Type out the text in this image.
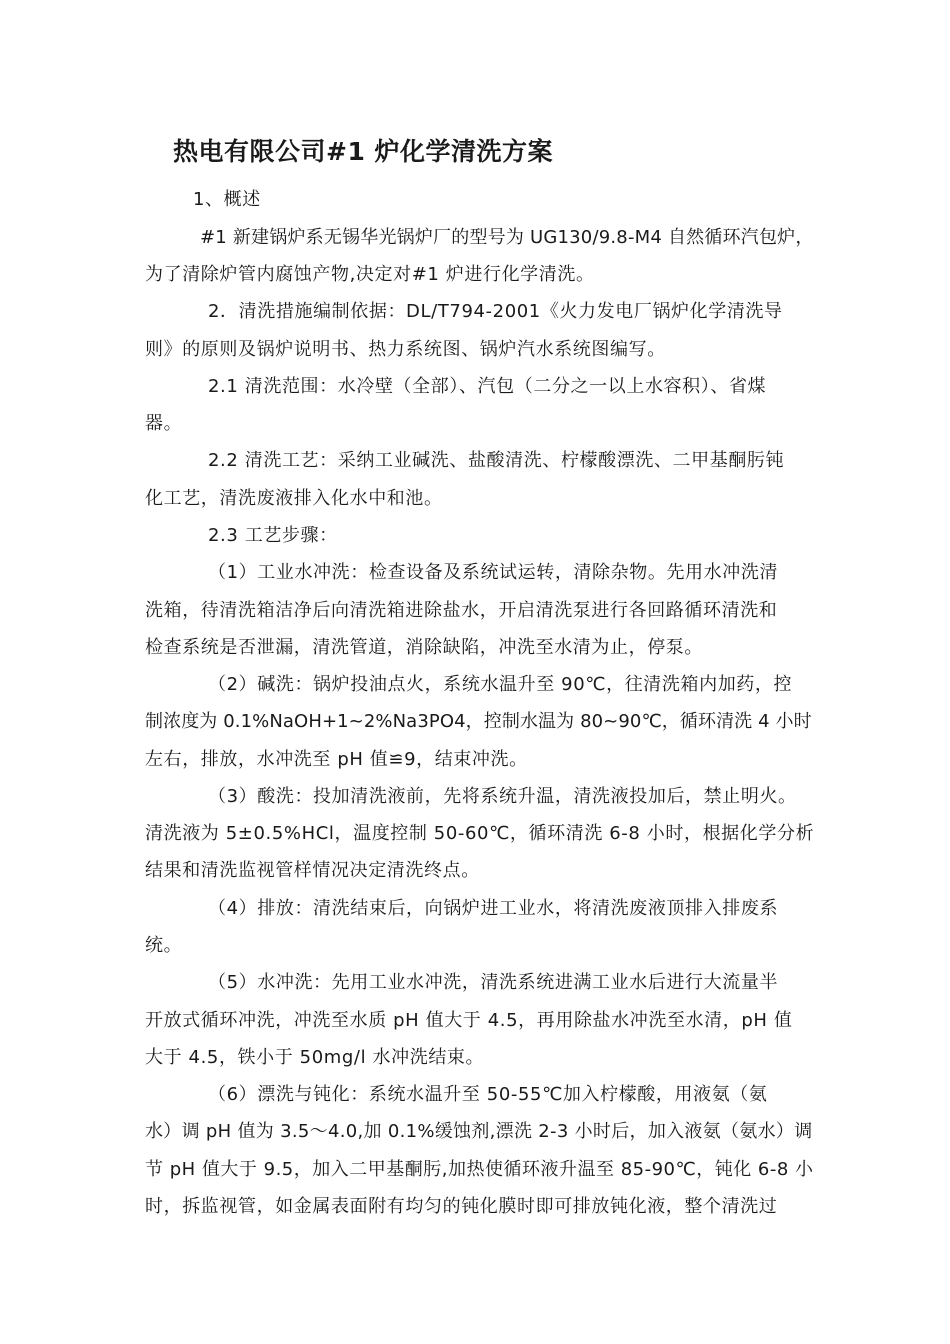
热电有限公司#1 炉化学清洗方案
1、概述
#1 新建锅炉系无锡华光锅炉厂的型号为 UG130/9.8-M4 自然循环汽包炉，
为了清除炉管内腐蚀产物,决定对#1 炉进行化学清洗。
2．清洗措施编制依据：DL/T794-2001《火力发电厂锅炉化学清洗导
则》的原则及锅炉说明书、热力系统图、锅炉汽水系统图编写。
2.1 清洗范围：水冷壁（全部）、汽包（二分之一以上水容积）、省煤
器。
2.2 清洗工艺：采纳工业碱洗、盐酸清洗、柠檬酸漂洗、二甲基酮肟钝
化工艺，清洗废液排入化水中和池。
2.3 工艺步骤：
（1）工业水冲洗：检查设备及系统试运转，清除杂物。先用水冲洗清
洗箱，待清洗箱洁净后向清洗箱进除盐水，开启清洗泵进行各回路循环清洗和
检查系统是否泄漏，清洗管道，消除缺陷，冲洗至水清为止，停泵。
（2）碱洗：锅炉投油点火，系统水温升至 90℃，往清洗箱内加药，控
制浓度为 0.1%NaOH+1~2%Na3PO4，控制水温为 80~90℃，循环清洗 4 小时
左右，排放，水冲洗至 pH 值≌9，结束冲洗。
（3）酸洗：投加清洗液前，先将系统升温，清洗液投加后，禁止明火。
清洗液为 5±0.5%HCl，温度控制 50-60℃，循环清洗 6-8 小时，根据化学分析
结果和清洗监视管样情况决定清洗终点。
（4）排放：清洗结束后，向锅炉进工业水，将清洗废液顶排入排废系
统。
（5）水冲洗：先用工业水冲洗，清洗系统进满工业水后进行大流量半
开放式循环冲洗，冲洗至水质 pH 值大于 4.5，再用除盐水冲洗至水清，pH 值
大于 4.5，铁小于 50mg/l 水冲洗结束。
（6）漂洗与钝化：系统水温升至 50-55℃加入柠檬酸，用液氨（氨
水）调 pH 值为 3.5～4.0,加 0.1%缓蚀剂,漂洗 2-3 小时后，加入液氨（氨水）调
节 pH 值大于 9.5，加入二甲基酮肟,加热使循环液升温至 85-90℃，钝化 6-8 小
时，拆监视管，如金属表面附有均匀的钝化膜时即可排放钝化液，整个清洗过
